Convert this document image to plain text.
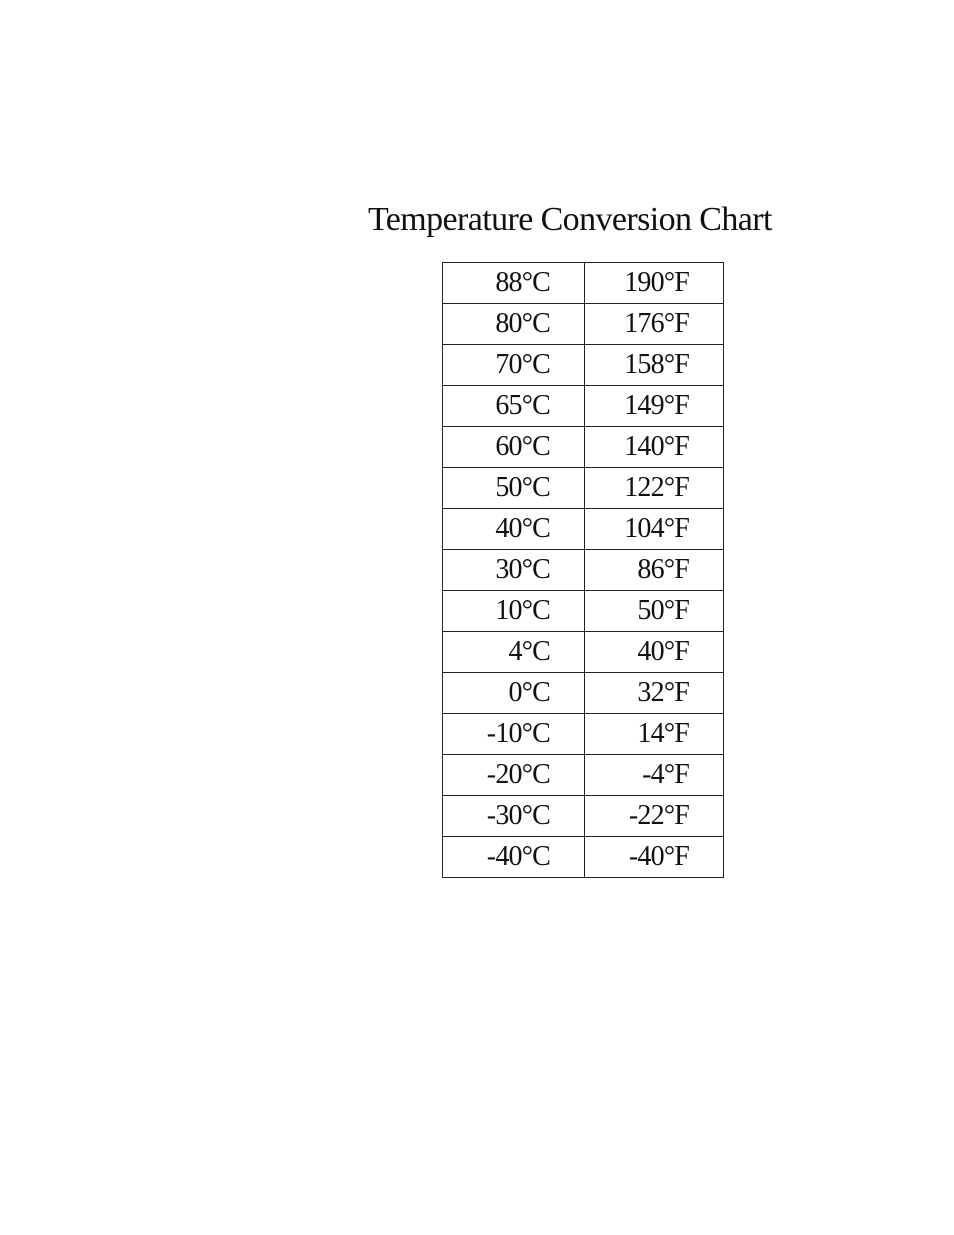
Temperature Conversion Chart
88°C	190°F
80°C	176°F
70°C	158°F
65°C	149°F
60°C	140°F
50°C	122°F
40°C	104°F
30°C	86°F
10°C	50°F
4°C	40°F
0°C	32°F
-10°C	14°F
-20°C	-4°F
-30°C	-22°F
-40°C	-40°F
